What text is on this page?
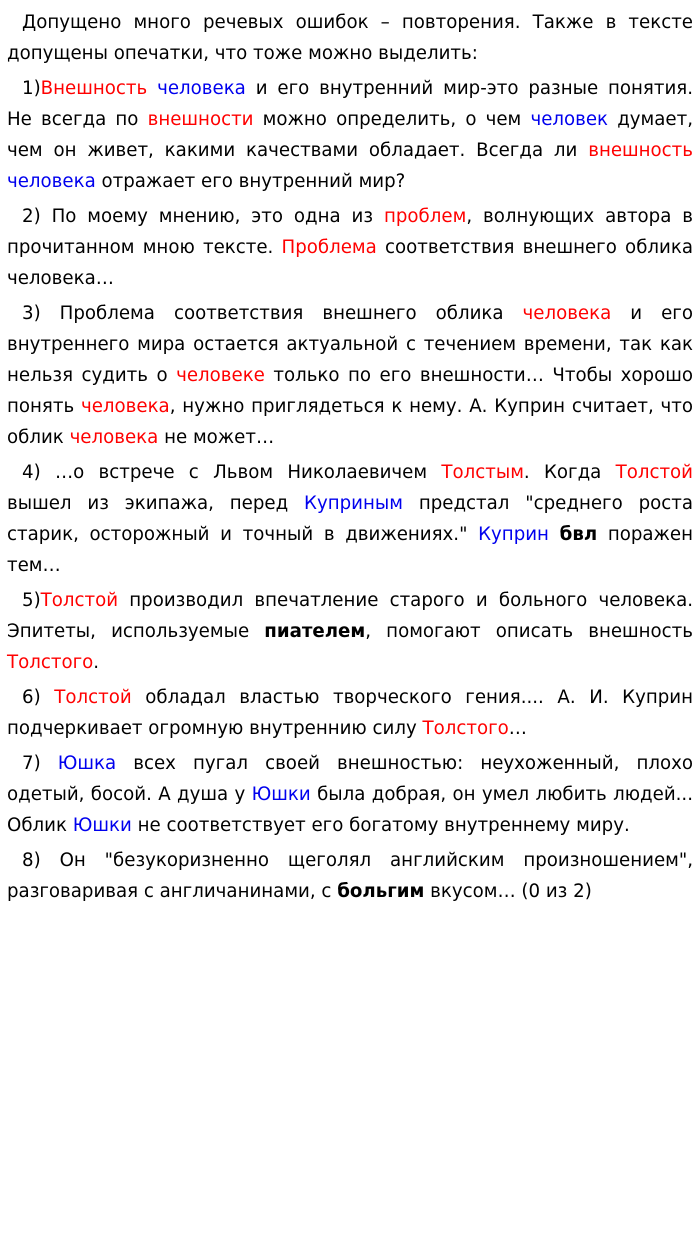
Допущено много речевых ошибок – повторения. Также в тексте допущены опечатки, что тоже можно выделить:

1)Внешность человека и его внутренний мир-это разные понятия. Не всегда по внешности можно определить, о чем человек думает, чем он живет, какими качествами обладает. Всегда ли внешность человека отражает его внутренний мир?

2) По моему мнению, это одна из проблем, волнующих автора в прочитанном мною тексте. Проблема соответствия внешнего облика человека…

3) Проблема соответствия внешнего облика человека и его внутреннего мира остается актуальной с течением времени, так как нельзя судить о человеке только по его внешности… Чтобы хорошо понять человека, нужно приглядеться к нему. А. Куприн считает, что облик человека не может…

4) …о встрече с Львом Николаевичем Толстым. Когда Толстой вышел из экипажа, перед Куприным предстал "среднего роста старик, осторожный и точный в движениях." Куприн бвл поражен тем…

5)Толстой производил впечатление старого и больного человека. Эпитеты, используемые пиателем, помогают описать внешность Толстого.

6) Толстой обладал властью творческого гения.... А. И. Куприн подчеркивает огромную внутреннию силу Толстого…

7) Юшка всех пугал своей внешностью: неухоженный, плохо одетый, босой. А душа у Юшки была добрая, он умел любить людей... Облик Юшки не соответствует его богатому внутреннему миру.

8) Он "безукоризненно щеголял английским произношением", разговаривая с англичанинами, с больгим вкусом… (0 из 2)
